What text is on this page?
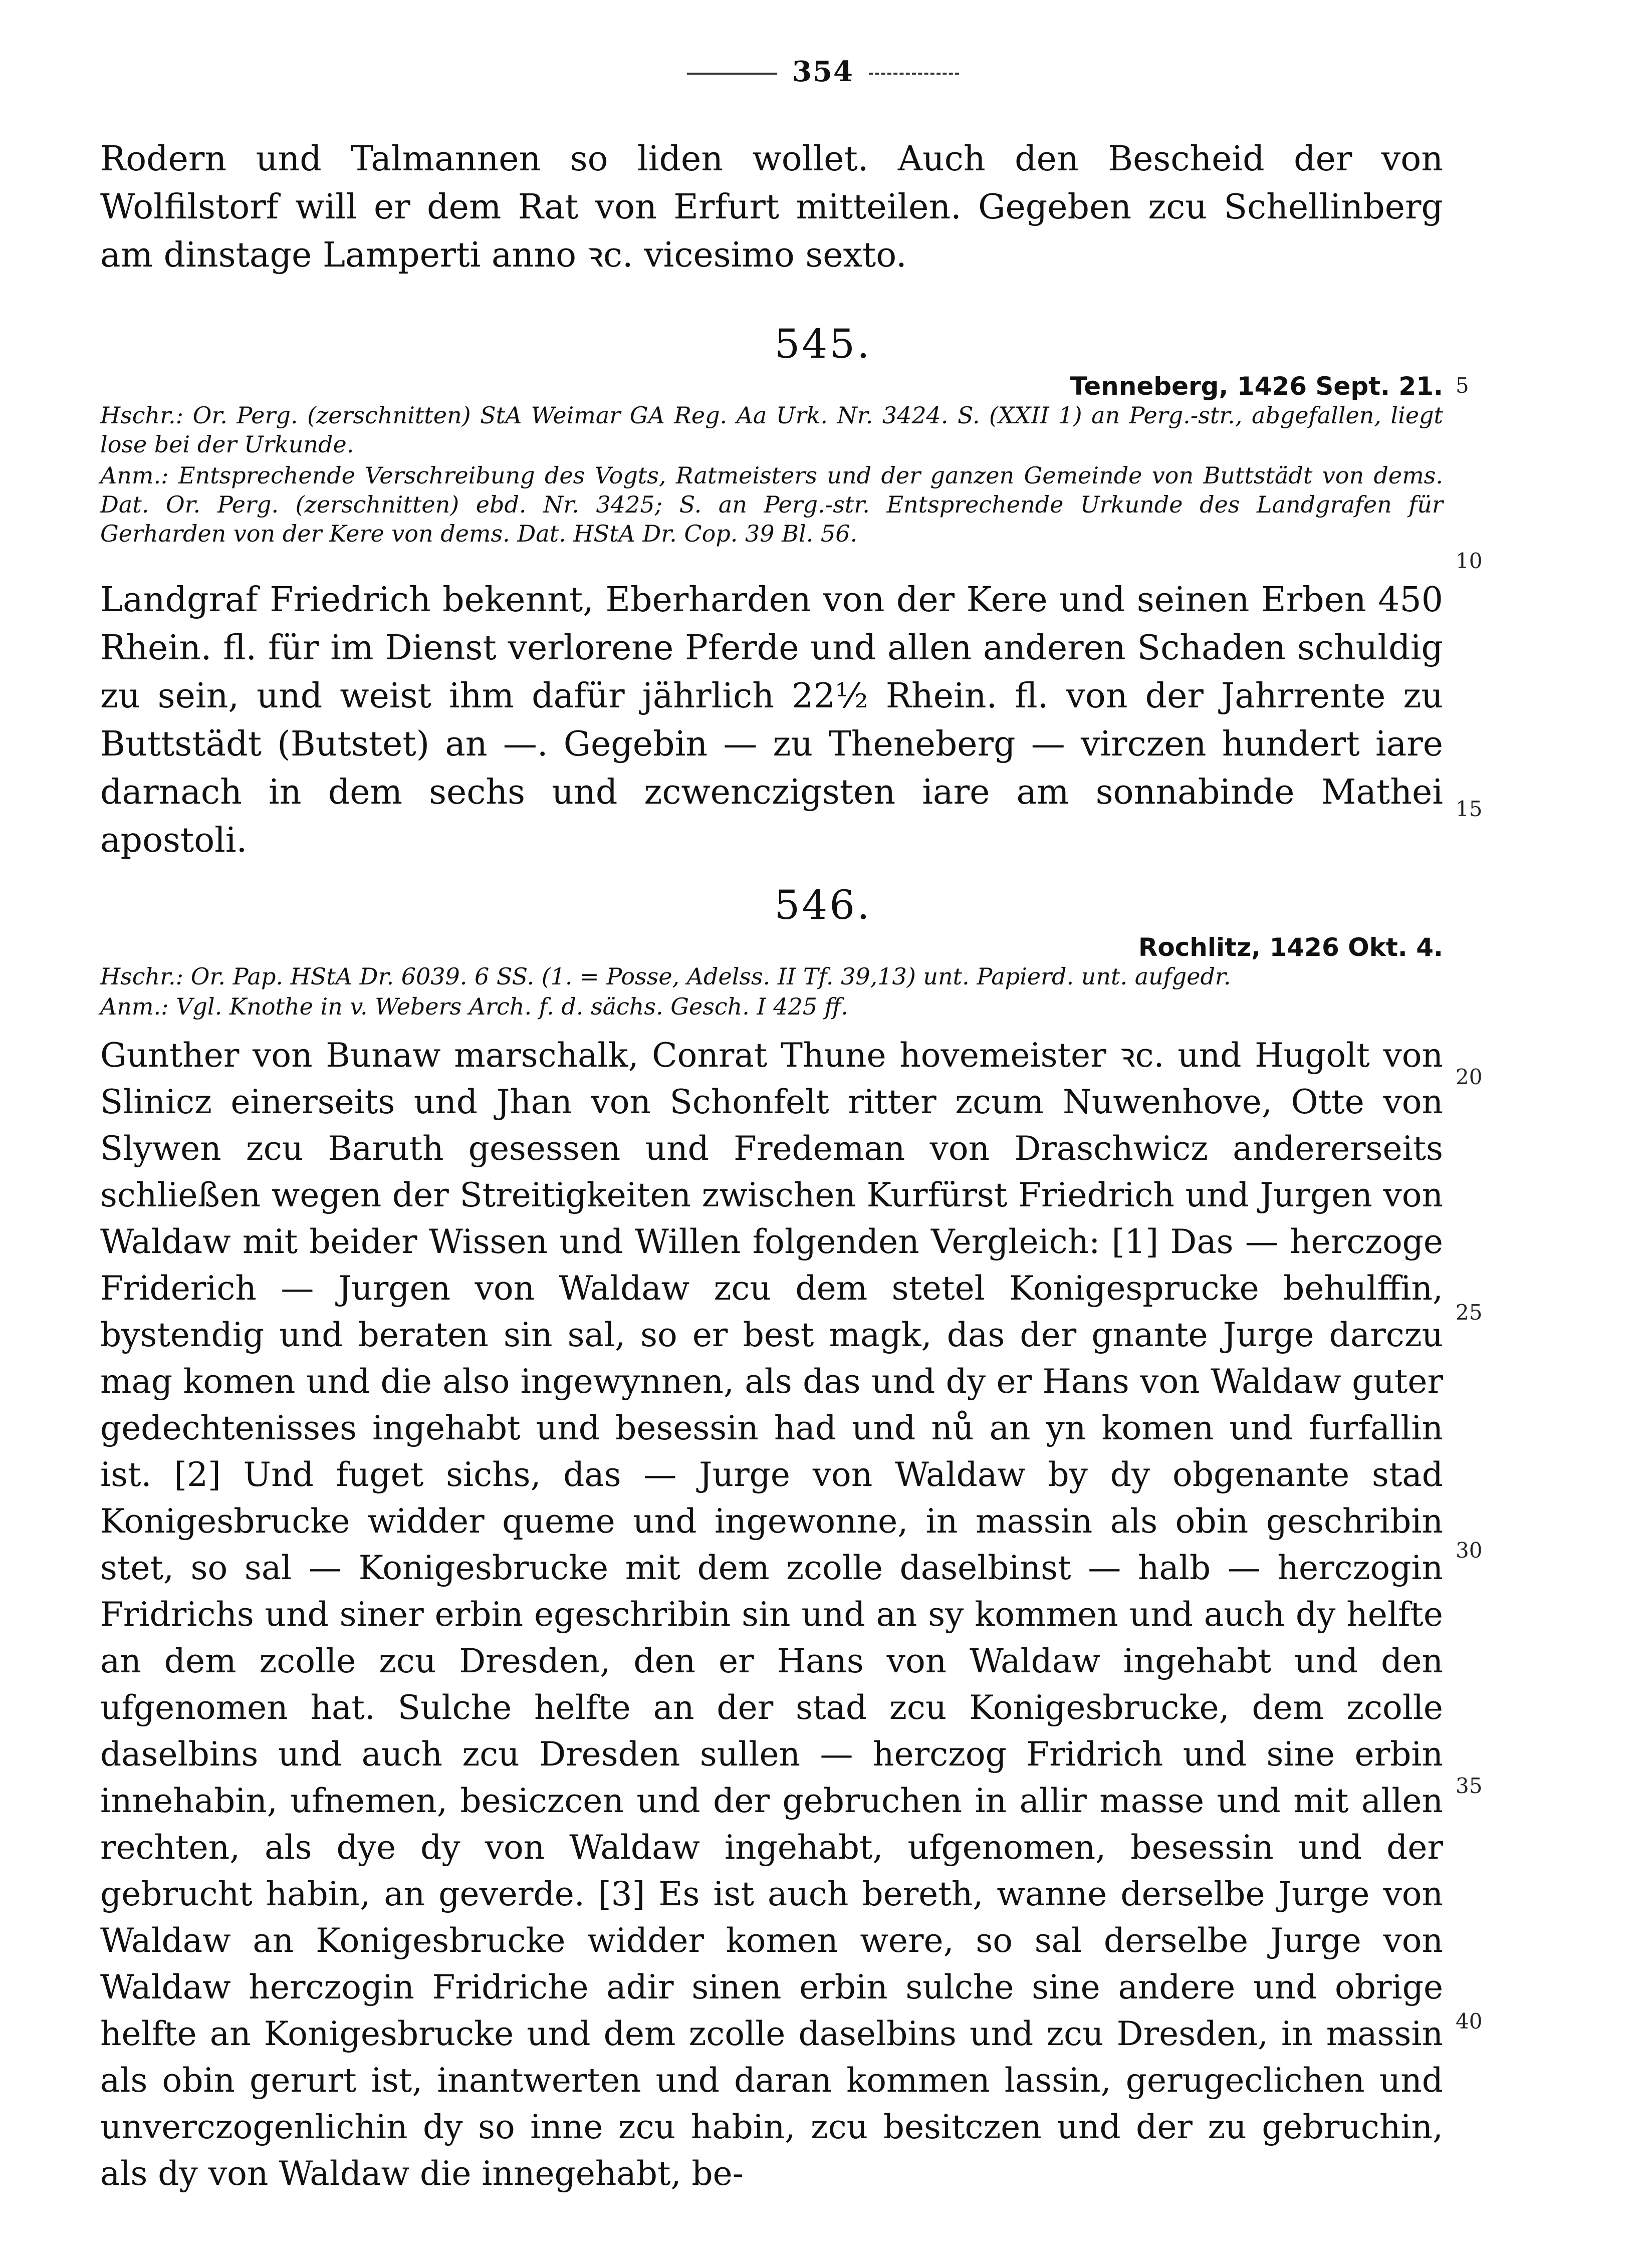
354
Rodern und Talmannen so liden wollet. Auch den Bescheid der von Wolfilstorf will er dem Rat von Erfurt mitteilen. Gegeben zcu Schellinberg am dinstage Lamperti anno ꝛc. vicesimo sexto.
545.
Tenneberg, 1426 Sept. 21.
Hschr.: Or. Perg. (zerschnitten) StA Weimar GA Reg. Aa Urk. Nr. 3424. S. (XXII 1) an Perg.-str., abgefallen, liegt lose bei der Urkunde.
Anm.: Entsprechende Verschreibung des Vogts, Ratmeisters und der ganzen Gemeinde von Buttstädt von dems. Dat. Or. Perg. (zerschnitten) ebd. Nr. 3425; S. an Perg.-str. Entsprechende Urkunde des Landgrafen für Gerharden von der Kere von dems. Dat. HStA Dr. Cop. 39 Bl. 56.
Landgraf Friedrich bekennt, Eberharden von der Kere und seinen Erben 450 Rhein. fl. für im Dienst verlorene Pferde und allen anderen Schaden schuldig zu sein, und weist ihm dafür jährlich 22½ Rhein. fl. von der Jahrrente zu Buttstädt (Butstet) an —. Gegebin — zu Theneberg — virczen hundert iare darnach in dem sechs und zcwenczigsten iare am sonnabinde Mathei apostoli.
546.
Rochlitz, 1426 Okt. 4.
Hschr.: Or. Pap. HStA Dr. 6039. 6 SS. (1. = Posse, Adelss. II Tf. 39,13) unt. Papierd. unt. aufgedr.
Anm.: Vgl. Knothe in v. Webers Arch. f. d. sächs. Gesch. I 425 ff.
Gunther von Bunaw marschalk, Conrat Thune hovemeister ꝛc. und Hugolt von Slinicz einerseits und Jhan von Schonfelt ritter zcum Nuwenhove, Otte von Slywen zcu Baruth gesessen und Fredeman von Draschwicz andererseits schließen wegen der Streitigkeiten zwischen Kurfürst Friedrich und Jurgen von Waldaw mit beider Wissen und Willen folgenden Vergleich: [1] Das — herczoge Friderich — Jurgen von Waldaw zcu dem stetel Konigesprucke behulffin, bystendig und beraten sin sal, so er best magk, das der gnante Jurge darczu mag komen und die also ingewynnen, als das und dy er Hans von Waldaw guter gedechtenisses ingehabt und besessin had und nů an yn komen und furfallin ist. [2] Und fuget sichs, das — Jurge von Waldaw by dy obgenante stad Konigesbrucke widder queme und ingewonne, in massin als obin geschribin stet, so sal — Konigesbrucke mit dem zcolle daselbinst — halb — herczogin Fridrichs und siner erbin egeschribin sin und an sy kommen und auch dy helfte an dem zcolle zcu Dresden, den er Hans von Waldaw ingehabt und den ufgenomen hat. Sulche helfte an der stad zcu Konigesbrucke, dem zcolle daselbins und auch zcu Dresden sullen — herczog Fridrich und sine erbin innehabin, ufnemen, besiczcen und der gebruchen in allir masse und mit allen rechten, als dye dy von Waldaw ingehabt, ufgenomen, besessin und der gebrucht habin, an geverde. [3] Es ist auch bereth, wanne derselbe Jurge von Waldaw an Konigesbrucke widder komen were, so sal derselbe Jurge von Waldaw herczogin Fridriche adir sinen erbin sulche sine andere und obrige helfte an Konigesbrucke und dem zcolle daselbins und zcu Dresden, in massin als obin gerurt ist, inantwerten und daran kommen lassin, gerugeclichen und unverczogenlichin dy so inne zcu habin, zcu besitczen und der zu gebruchin, als dy von Waldaw die innegehabt, be-
5
10
15
20
25
30
35
40
